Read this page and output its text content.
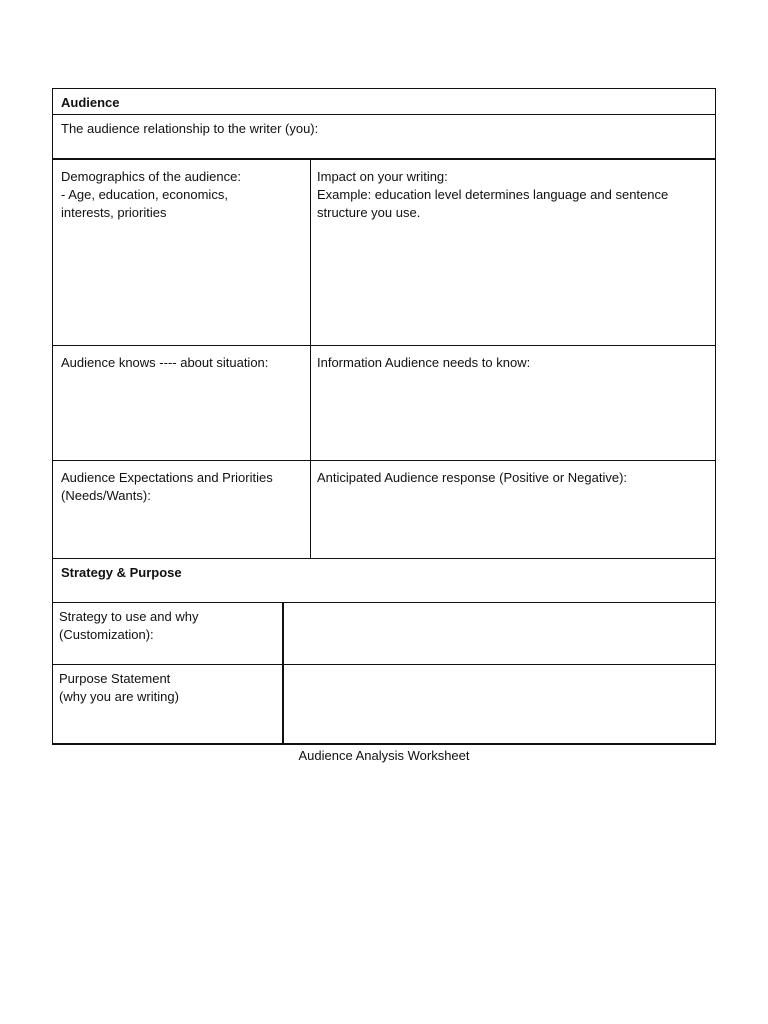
Audience
The audience relationship to the writer (you):
Demographics of the audience:
- Age, education, economics,
interests, priorities
Impact on your writing:
Example: education level determines language and sentence
structure you use.
Audience knows ---- about situation:	Information Audience needs to know:
Audience Expectations and Priorities
(Needs/Wants):
Anticipated Audience response (Positive or Negative):
Strategy & Purpose
Strategy to use and why
(Customization):
Purpose Statement
(why you are writing)
Audience Analysis Worksheet
